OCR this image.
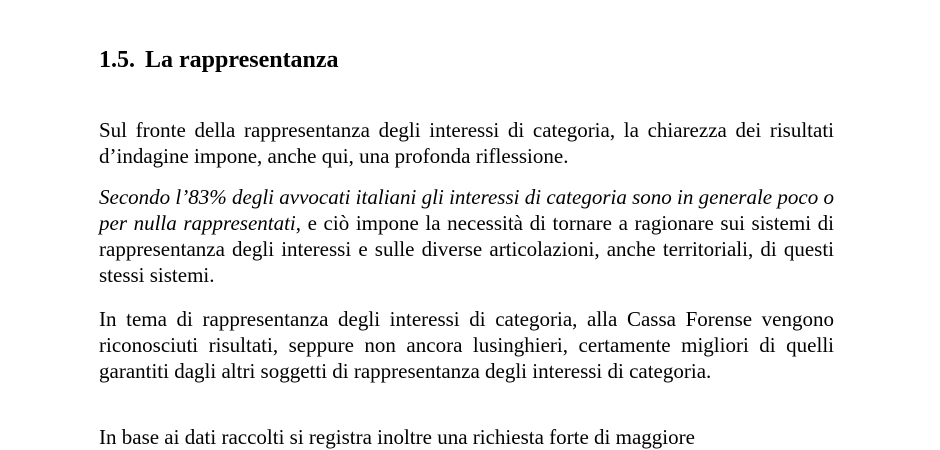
1.5. La rappresentanza

Sul fronte della rappresentanza degli interessi di categoria, la chiarezza dei risultati d’indagine impone, anche qui, una profonda riflessione.

Secondo l’83% degli avvocati italiani gli interessi di categoria sono in generale poco o per nulla rappresentati, e ciò impone la necessità di tornare a ragionare sui sistemi di rappresentanza degli interessi e sulle diverse articolazioni, anche territoriali, di questi stessi sistemi.

In tema di rappresentanza degli interessi di categoria, alla Cassa Forense vengono riconosciuti risultati, seppure non ancora lusinghieri, certamente migliori di quelli garantiti dagli altri soggetti di rappresentanza degli interessi di categoria.

In base ai dati raccolti si registra inoltre una richiesta forte di maggiore
